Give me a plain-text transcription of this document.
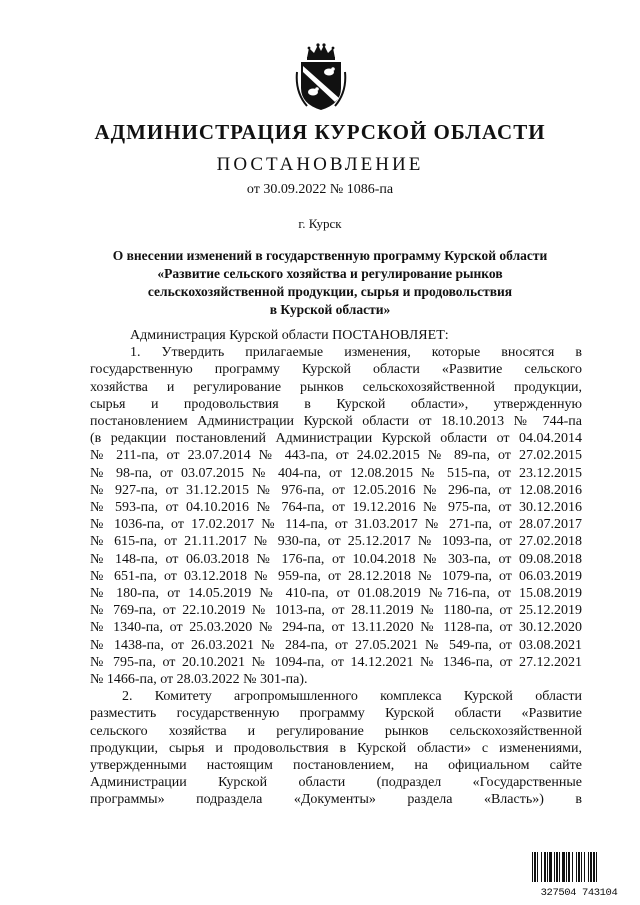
АДМИНИСТРАЦИЯ КУРСКОЙ ОБЛАСТИ
ПОСТАНОВЛЕНИЕ
от 30.09.2022 № 1086-па
г. Курск
О внесении изменений в государственную программу Курской области
«Развитие сельского хозяйства и регулирование рынков
сельскохозяйственной продукции, сырья и продовольствия
в Курской области»
Администрация Курской области ПОСТАНОВЛЯЕТ:
1. Утвердить прилагаемые изменения, которые вносятся в
государственную программу Курской области «Развитие сельского
хозяйства и регулирование рынков сельскохозяйственной продукции,
сырья и продовольствия в Курской области», утвержденную
постановлением Администрации Курской области от 18.10.2013 № 744-па
(в редакции постановлений Администрации Курской области от 04.04.2014
№ 211-па, от 23.07.2014 № 443-па, от 24.02.2015 № 89-па, от 27.02.2015
№ 98-па, от 03.07.2015 № 404-па, от 12.08.2015 № 515-па, от 23.12.2015
№ 927-па, от 31.12.2015 № 976-па, от 12.05.2016 № 296-па, от 12.08.2016
№ 593-па, от 04.10.2016 № 764-па, от 19.12.2016 № 975-па, от 30.12.2016
№ 1036-па, от 17.02.2017 № 114-па, от 31.03.2017 № 271-па, от 28.07.2017
№ 615-па, от 21.11.2017 № 930-па, от 25.12.2017 № 1093-па, от 27.02.2018
№ 148-па, от 06.03.2018 № 176-па, от 10.04.2018 № 303-па, от 09.08.2018
№ 651-па, от 03.12.2018 № 959-па, от 28.12.2018 № 1079-па, от 06.03.2019
№ 180-па, от 14.05.2019 № 410-па, от 01.08.2019 №716-па, от 15.08.2019
№ 769-па, от 22.10.2019 № 1013-па, от 28.11.2019 № 1180-па, от 25.12.2019
№ 1340-па, от 25.03.2020 № 294-па, от 13.11.2020 № 1128-па, от 30.12.2020
№ 1438-па, от 26.03.2021 № 284-па, от 27.05.2021 № 549-па, от 03.08.2021
№ 795-па, от 20.10.2021 № 1094-па, от 14.12.2021 № 1346-па, от 27.12.2021
№ 1466-па, от 28.03.2022 № 301-па).
2. Комитету агропромышленного комплекса Курской области
разместить государственную программу Курской области «Развитие
сельского хозяйства и регулирование рынков сельскохозяйственной
продукции, сырья и продовольствия в Курской области» с изменениями,
утвержденными настоящим постановлением, на официальном сайте
Администрации Курской области (подраздел «Государственные
программы» подраздела «Документы» раздела «Власть») в
327504 743104
